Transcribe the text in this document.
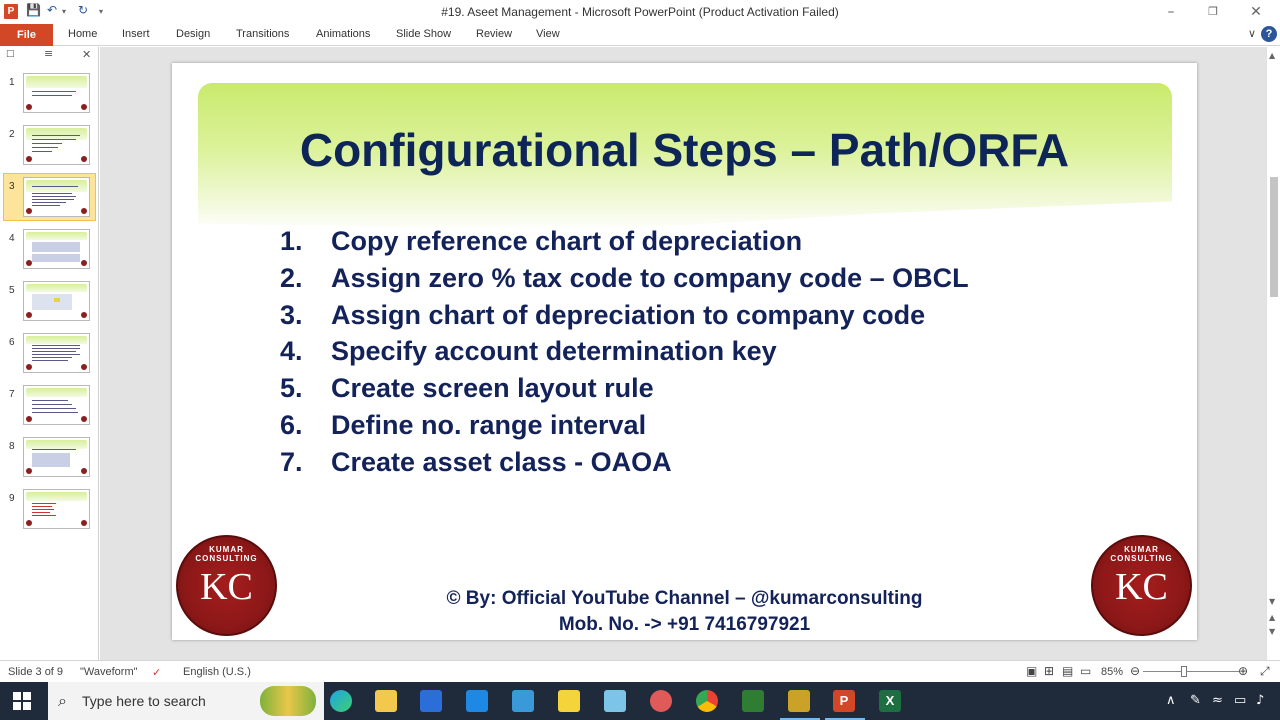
P 💾 ↶ ▾ ↻ ▾	#19. Aseet Management - Microsoft PowerPoint (Product Activation Failed)	–	❐	✕
File	Home Insert Design Transitions Animations Slide Show Review View	∨ ?
□	≡	✕
1
2
3
4
5
6
7
8
9
Configurational Steps – Path/ORFA
1. Copy reference chart of depreciation
2. Assign zero % tax code to company code – OBCL
3. Assign chart of depreciation to company code
4. Specify account determination key
5. Create screen layout rule
6. Define no. range interval
7. Create asset class - OAOA
© By: Official YouTube Channel – @kumarconsulting
Mob. No. -> +91 7416797921
KUMAR CONSULTING
KC
KUMAR CONSULTING
KC
▲
▼
▲
▼
Slide 3 of 9 "Waveform" ✓ English (U.S.)	▣ ⊞ ▤ ▭ 85% ⊖	⊕ ⤢
⌕ Type here to search	P	X	∧ ✎ ≈ ▭ ♪
